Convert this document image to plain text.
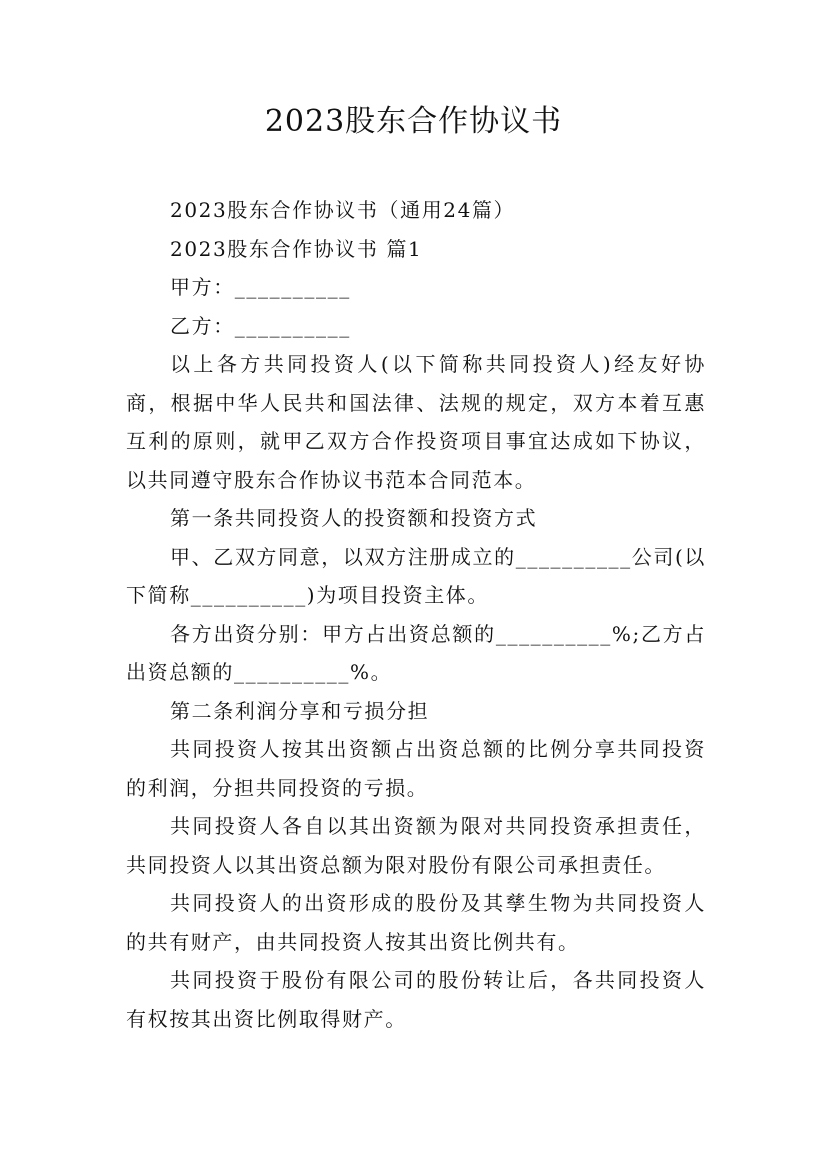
2023股东合作协议书

2023股东合作协议书（通用24篇）

2023股东合作协议书 篇1

甲方：__________

乙方：__________

以上各方共同投资人(以下简称共同投资人)经友好协商，根据中华人民共和国法律、法规的规定，双方本着互惠互利的原则，就甲乙双方合作投资项目事宜达成如下协议，以共同遵守股东合作协议书范本合同范本。

第一条共同投资人的投资额和投资方式

甲、乙双方同意，以双方注册成立的__________公司(以下简称__________)为项目投资主体。

各方出资分别：甲方占出资总额的__________%;乙方占出资总额的__________%。

第二条利润分享和亏损分担

共同投资人按其出资额占出资总额的比例分享共同投资的利润，分担共同投资的亏损。

共同投资人各自以其出资额为限对共同投资承担责任，共同投资人以其出资总额为限对股份有限公司承担责任。

共同投资人的出资形成的股份及其孳生物为共同投资人的共有财产，由共同投资人按其出资比例共有。

共同投资于股份有限公司的股份转让后，各共同投资人有权按其出资比例取得财产。
